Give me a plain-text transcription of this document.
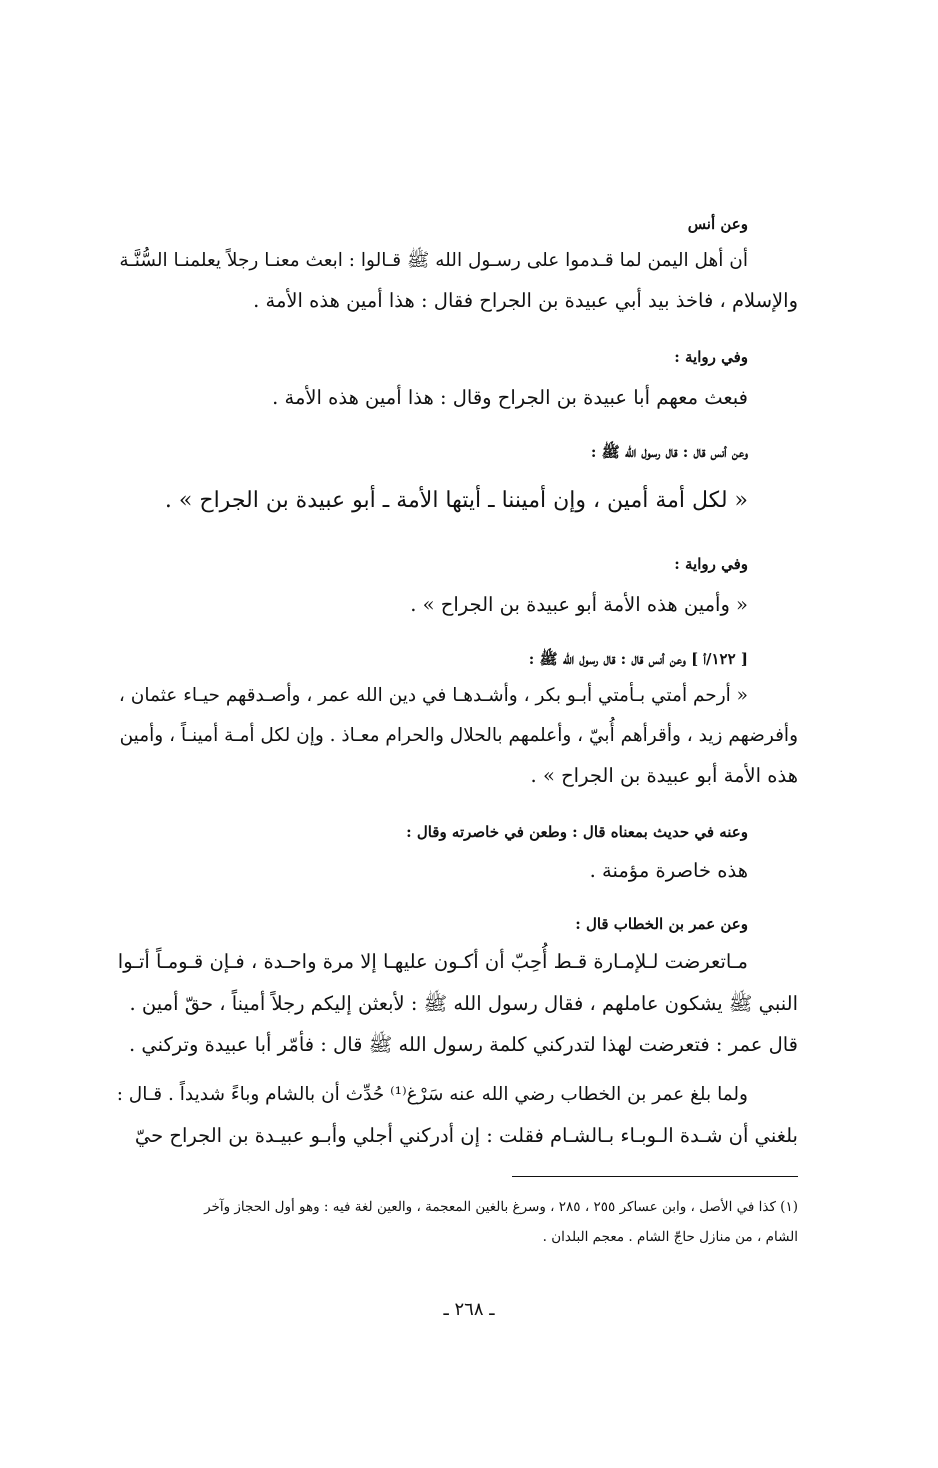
وعن أنس
أن أهل اليمن لما قـدموا على رسـول الله ﷺ قـالوا : ابعث معنـا رجلاً يعلمنـا السُّنَّـة
والإسلام ، فاخذ بيد أبي عبيدة بن الجراح فقال : هذا أمين هذه الأمة .
وفي رواية :
فبعث معهم أبا عبيدة بن الجراح وقال : هذا أمين هذه الأمة .
وعن أنس قال : قال رسول الله ﷺ :
« لكل أمة أمين ، وإن أميننا ـ أيتها الأمة ـ أبو عبيدة بن الجراح » .
وفي رواية :
« وأمين هذه الأمة أبو عبيدة بن الجراح » .
[ ١٢٢/أ ] وعن أنس قال : قال رسول الله ﷺ :
« أرحم أمتي بـأمتي أبـو بكر ، وأشـدهـا في دين الله عمر ، وأصـدقهم حيـاء عثمان ،
وأفرضهم زيد ، وأقرأهم أُبيّ ، وأعلمهم بالحلال والحرام معـاذ . وإن لكل أمـة أمينـاً ، وأمين
هذه الأمة أبو عبيدة بن الجراح » .
وعنه في حديث بمعناه قال : وطعن في خاصرته وقال :
هذه خاصرة مؤمنة .
وعن عمر بن الخطاب قال :
مـاتعرضت لـلإمـارة قـط أُحِبّ أن أكـون عليهـا إلا مرة واحـدة ، فـإن قـومـاً أتـوا
النبي ﷺ يشكون عاملهم ، فقال رسول الله ﷺ : لأبعثن إليكم رجلاً أميناً ، حقّ أمين .
قال عمر : فتعرضت لهذا لتدركني كلمة رسول الله ﷺ قال : فأمّر أبا عبيدة وتركني .
ولما بلغ عمر بن الخطاب رضي الله عنه سَرْغ⁽¹⁾ حُدِّث أن بالشام وباءً شديداً . قـال :
بلغني أن شـدة الـوبـاء بـالشـام فقلت : إن أدركني أجلي وأبـو عبيـدة بن الجراح حيّ
(١) كذا في الأصل ، وابن عساكر ٢٥٥ ، ٢٨٥ ، وسرغ بالغين المعجمة ، والعين لغة فيه : وهو أول الحجاز وآخر
الشام ، من منازل حاجّ الشام . معجم البلدان .
ـ ٢٦٨ ـ
